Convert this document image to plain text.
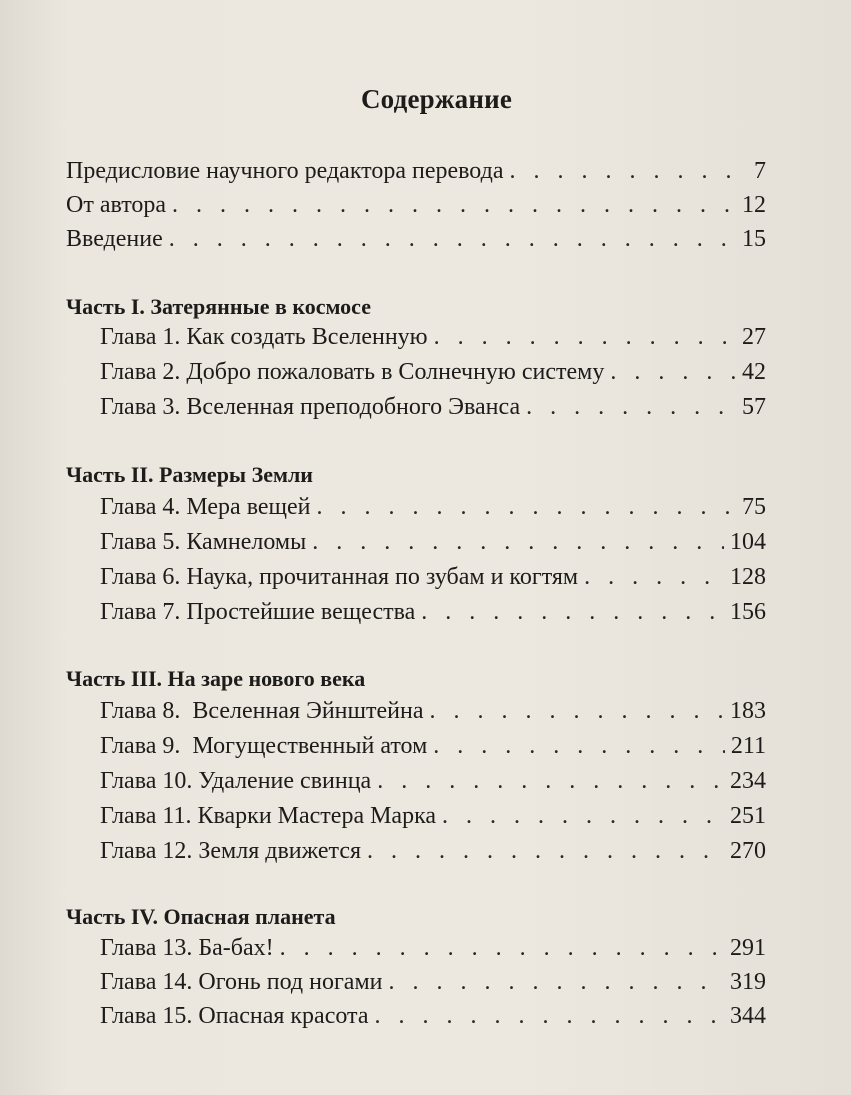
Содержание
Предисловие научного редактора перевода . . .	7
От автора . . .	12
Введение . . .	15
Часть I. Затерянные в космосе
Глава 1. Как создать Вселенную . . .	27
Глава 2. Добро пожаловать в Солнечную систему . . .	42
Глава 3. Вселенная преподобного Эванса . . .	57
Часть II. Размеры Земли
Глава 4. Мера вещей . . .	75
Глава 5. Камнеломы . . .	104
Глава 6. Наука, прочитанная по зубам и когтям . . .	128
Глава 7. Простейшие вещества . . .	156
Часть III. На заре нового века
Глава 8.  Вселенная Эйнштейна . . .	183
Глава 9.  Могущественный атом . . .	211
Глава 10. Удаление свинца . . .	234
Глава 11. Кварки Мастера Марка . . .	251
Глава 12. Земля движется . . .	270
Часть IV. Опасная планета
Глава 13. Ба-бах! . . .	291
Глава 14. Огонь под ногами . . .	319
Глава 15. Опасная красота . . .	344
